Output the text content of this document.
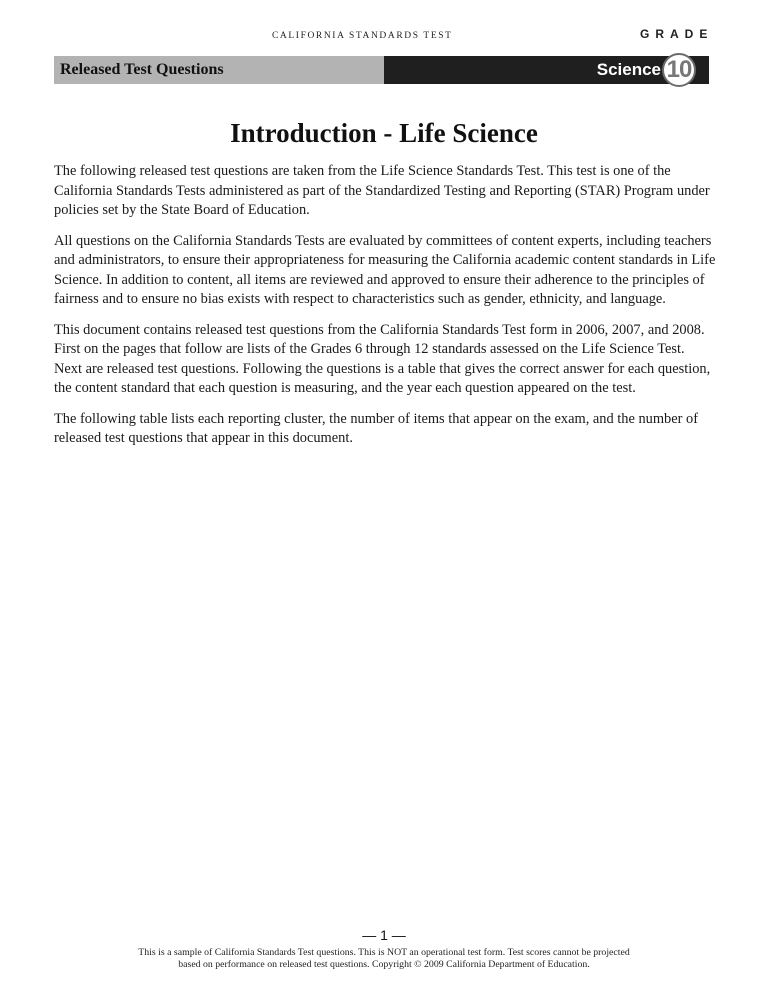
CALIFORNIA STANDARDS TEST	GRADE
Released Test Questions	Science 10
Introduction - Life Science

The following released test questions are taken from the Life Science Standards Test. This test is one of the California Standards Tests administered as part of the Standardized Testing and Reporting (STAR) Program under policies set by the State Board of Education.

All questions on the California Standards Tests are evaluated by committees of content experts, including teachers and administrators, to ensure their appropriateness for measuring the California academic content standards in Life Science. In addition to content, all items are reviewed and approved to ensure their adherence to the principles of fairness and to ensure no bias exists with respect to characteristics such as gender, ethnicity, and language.

This document contains released test questions from the California Standards Test form in 2006, 2007, and 2008. First on the pages that follow are lists of the Grades 6 through 12 standards assessed on the Life Science Test. Next are released test questions. Following the questions is a table that gives the correct answer for each question, the content standard that each question is measuring, and the year each question appeared on the test.

The following table lists each reporting cluster, the number of items that appear on the exam, and the number of released test questions that appear in this document.

— 1 —
This is a sample of California Standards Test questions. This is NOT an operational test form. Test scores cannot be projected
based on performance on released test questions. Copyright © 2009 California Department of Education.
